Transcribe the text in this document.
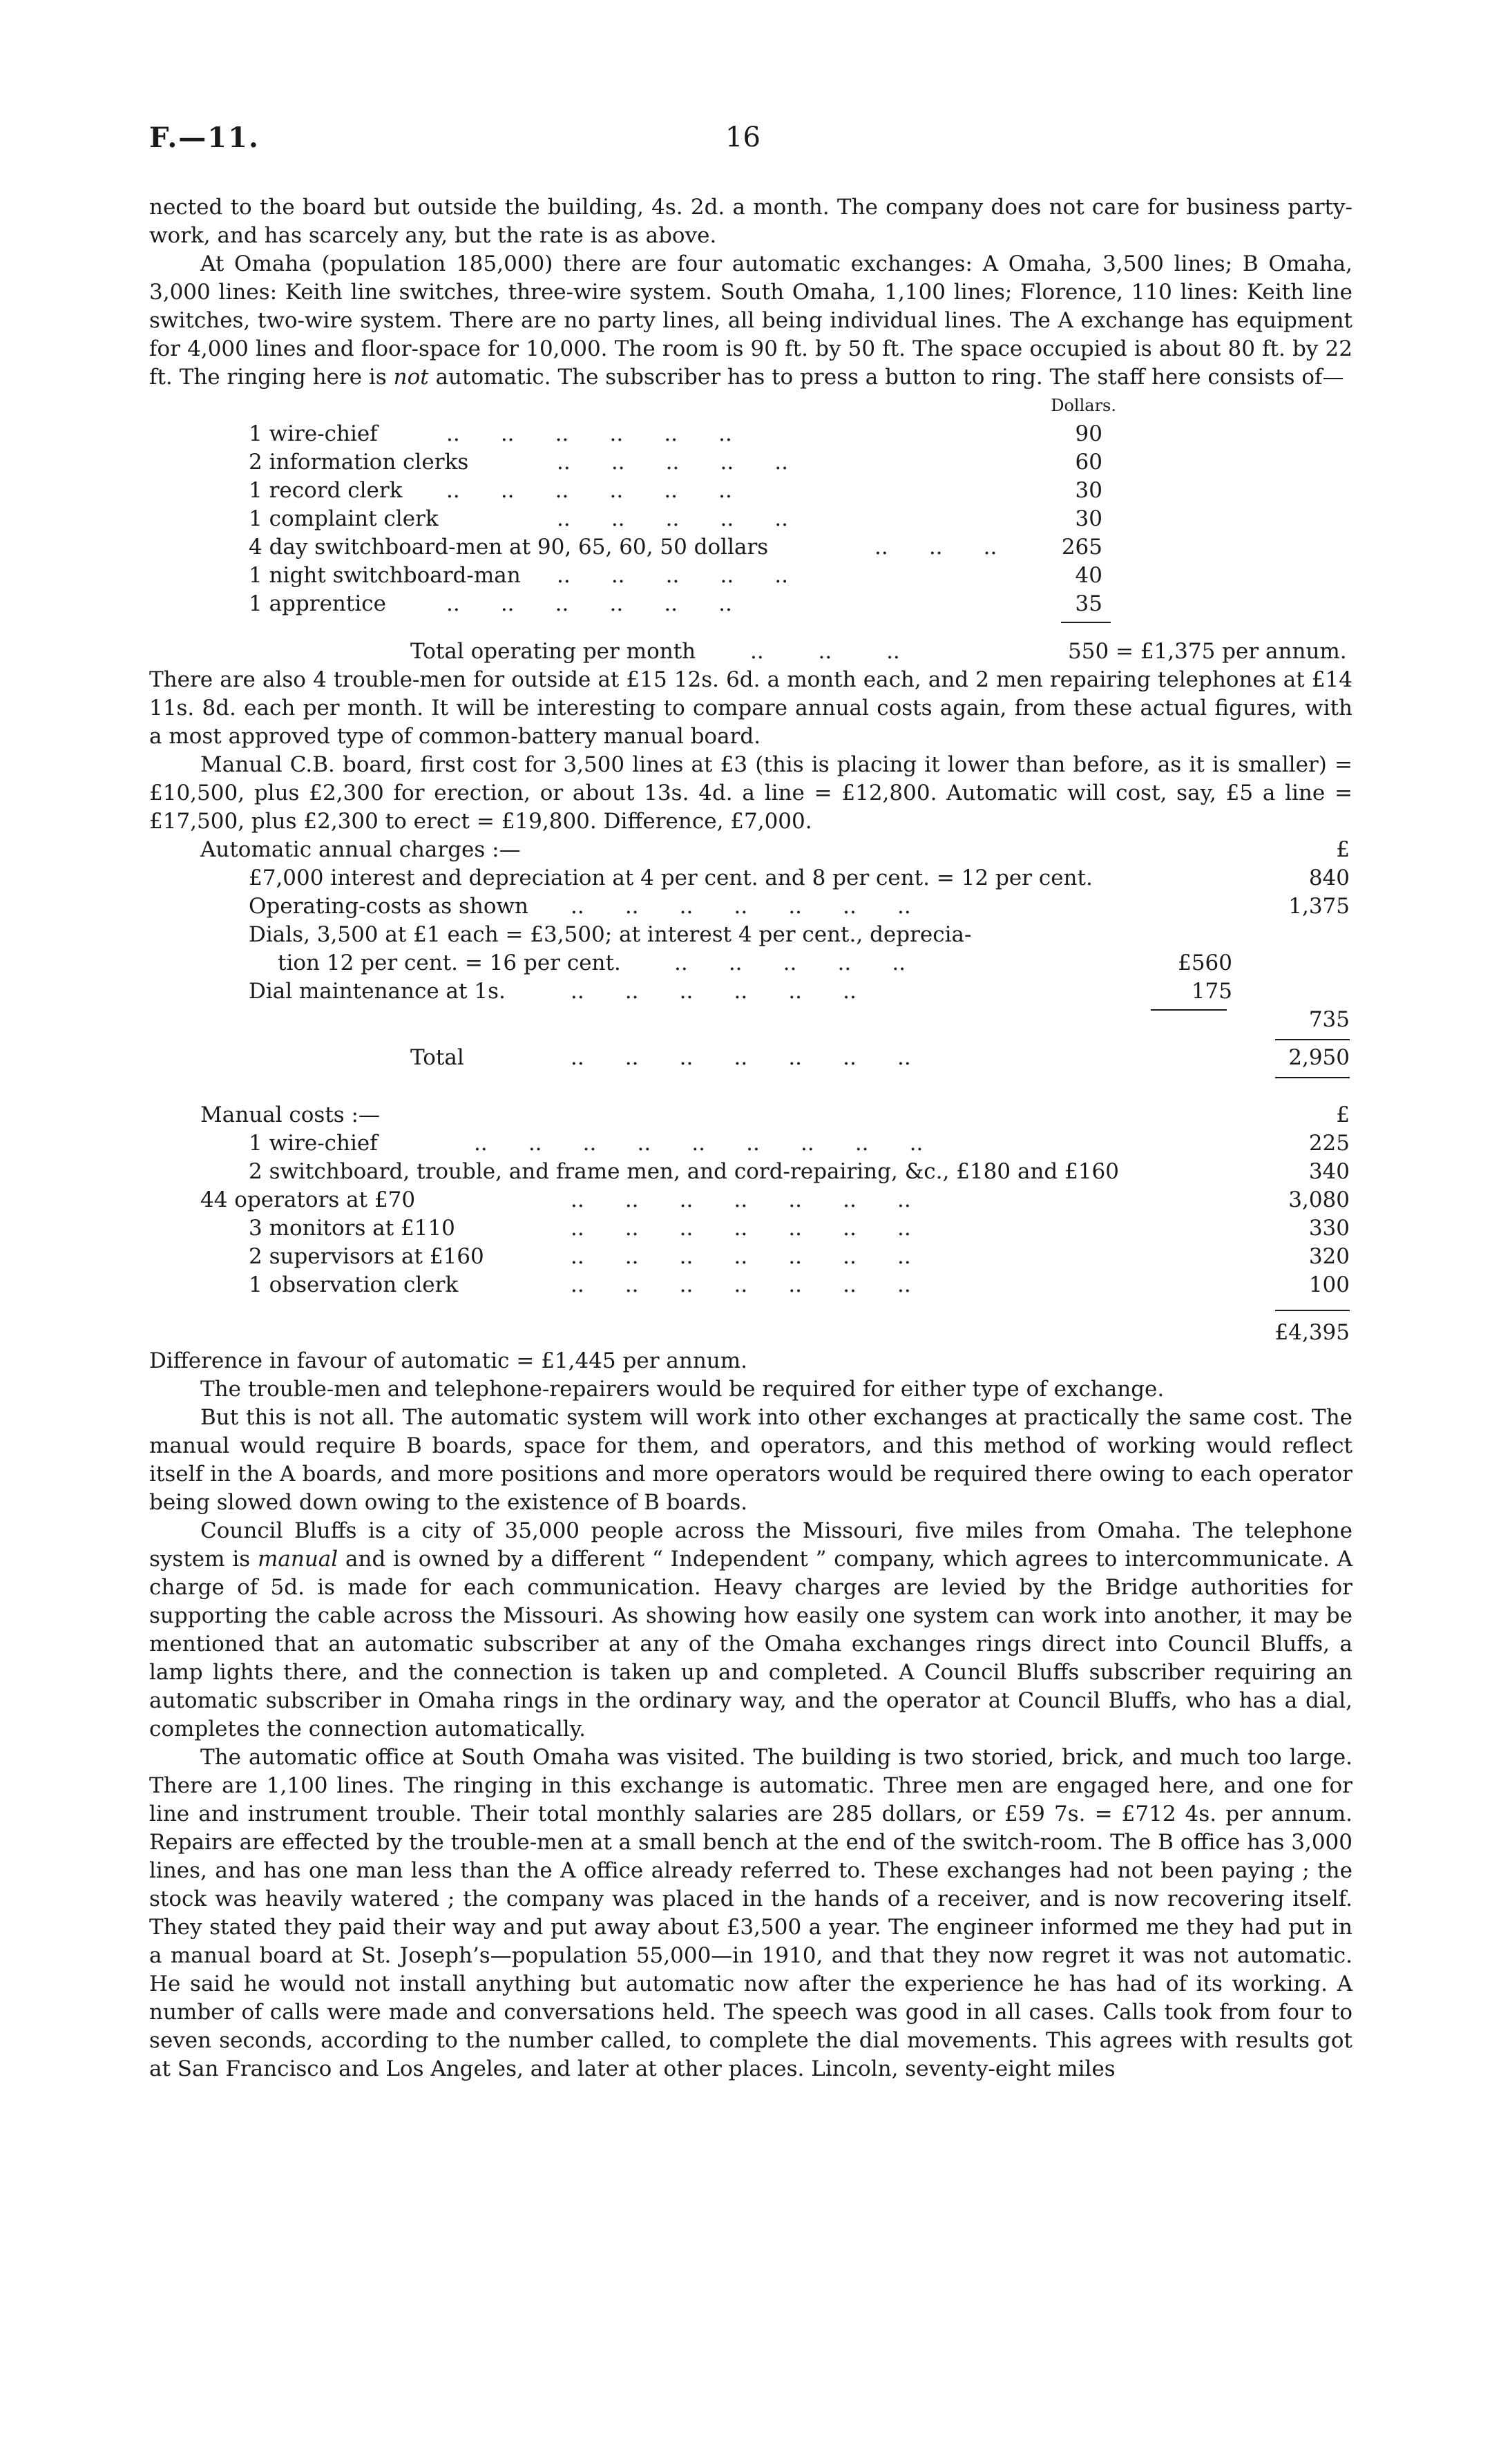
F.—11.	16

nected to the board but outside the building, 4s. 2d. a month. The company does not care for business party-work, and has scarcely any, but the rate is as above.

At Omaha (population 185,000) there are four automatic exchanges: A Omaha, 3,500 lines; B Omaha, 3,000 lines: Keith line switches, three-wire system. South Omaha, 1,100 lines; Florence, 110 lines: Keith line switches, two-wire system. There are no party lines, all being individual lines. The A exchange has equipment for 4,000 lines and floor-space for 10,000. The room is 90 ft. by 50 ft. The space occupied is about 80 ft. by 22 ft. The ringing here is not automatic. The subscriber has to press a button to ring. The staff here consists of—

Dollars.
1 wire-chief	..      ..      ..      ..      ..      ..	90
2 information clerks	..      ..      ..      ..      ..	60
1 record clerk ..      ..      ..      ..      ..      ..	30
1 complaint clerk	..      ..      ..      ..      ..	30
4 day switchboard-men at 90, 65, 60, 50 dollars	..      ..      ..	265
1 night switchboard-man ..      ..      ..      ..      ..	40
1 apprentice	..      ..      ..      ..      ..      ..	35
Total operating per month	..        ..        ..	550 = £1,375 per annum.

There are also 4 trouble-men for outside at £15 12s. 6d. a month each, and 2 men repairing telephones at £14 11s. 8d. each per month. It will be interesting to compare annual costs again, from these actual figures, with a most approved type of common-battery manual board.

Manual C.B. board, first cost for 3,500 lines at £3 (this is placing it lower than before, as it is smaller) = £10,500, plus £2,300 for erection, or about 13s. 4d. a line = £12,800. Automatic will cost, say, £5 a line = £17,500, plus £2,300 to erect = £19,800. Difference, £7,000.

Automatic annual charges :—	£
£7,000 interest and depreciation at 4 per cent. and 8 per cent. = 12 per cent.	840
Operating-costs as shown ..      ..      ..      ..      ..      ..      ..	1,375
Dials, 3,500 at £1 each = £3,500; at interest 4 per cent., deprecia-
tion 12 per cent. = 16 per cent. ..      ..      ..      ..      ..	£560
Dial maintenance at 1s.	..      ..      ..      ..      ..      ..	175
735
Total	..      ..      ..      ..      ..      ..      ..	2,950
Manual costs :—	£
1 wire-chief	..      ..      ..      ..      ..      ..      ..      ..      ..	225
2 switchboard, trouble, and frame men, and cord-repairing, &c., £180 and £160	340
44 operators at £70	..      ..      ..      ..      ..      ..      ..	3,080
3 monitors at £110	..      ..      ..      ..      ..      ..      ..	330
2 supervisors at £160	..      ..      ..      ..      ..      ..      ..	320
1 observation clerk	..      ..      ..      ..      ..      ..      ..	100
£4,395

Difference in favour of automatic = £1,445 per annum.

The trouble-men and telephone-repairers would be required for either type of exchange.

But this is not all. The automatic system will work into other exchanges at practically the same cost. The manual would require B boards, space for them, and operators, and this method of working would reflect itself in the A boards, and more positions and more operators would be required there owing to each operator being slowed down owing to the existence of B boards.

Council Bluffs is a city of 35,000 people across the Missouri, five miles from Omaha. The telephone system is manual and is owned by a different “ Independent ” company, which agrees to intercommunicate. A charge of 5d. is made for each communication. Heavy charges are levied by the Bridge authorities for supporting the cable across the Missouri. As showing how easily one system can work into another, it may be mentioned that an automatic subscriber at any of the Omaha exchanges rings direct into Council Bluffs, a lamp lights there, and the connection is taken up and completed. A Council Bluffs subscriber requiring an automatic subscriber in Omaha rings in the ordinary way, and the operator at Council Bluffs, who has a dial, completes the connection automatically.

The automatic office at South Omaha was visited. The building is two storied, brick, and much too large. There are 1,100 lines. The ringing in this exchange is automatic. Three men are engaged here, and one for line and instrument trouble. Their total monthly salaries are 285 dollars, or £59 7s. = £712 4s. per annum. Repairs are effected by the trouble-men at a small bench at the end of the switch-room. The B office has 3,000 lines, and has one man less than the A office already referred to. These exchanges had not been paying ; the stock was heavily watered ; the company was placed in the hands of a receiver, and is now recovering itself. They stated they paid their way and put away about £3,500 a year. The engineer informed me they had put in a manual board at St. Joseph’s—population 55,000—in 1910, and that they now regret it was not automatic. He said he would not install anything but automatic now after the experience he has had of its working. A number of calls were made and conversations held. The speech was good in all cases. Calls took from four to seven seconds, according to the number called, to complete the dial movements. This agrees with results got at San Francisco and Los Angeles, and later at other places. Lincoln, seventy-eight miles
